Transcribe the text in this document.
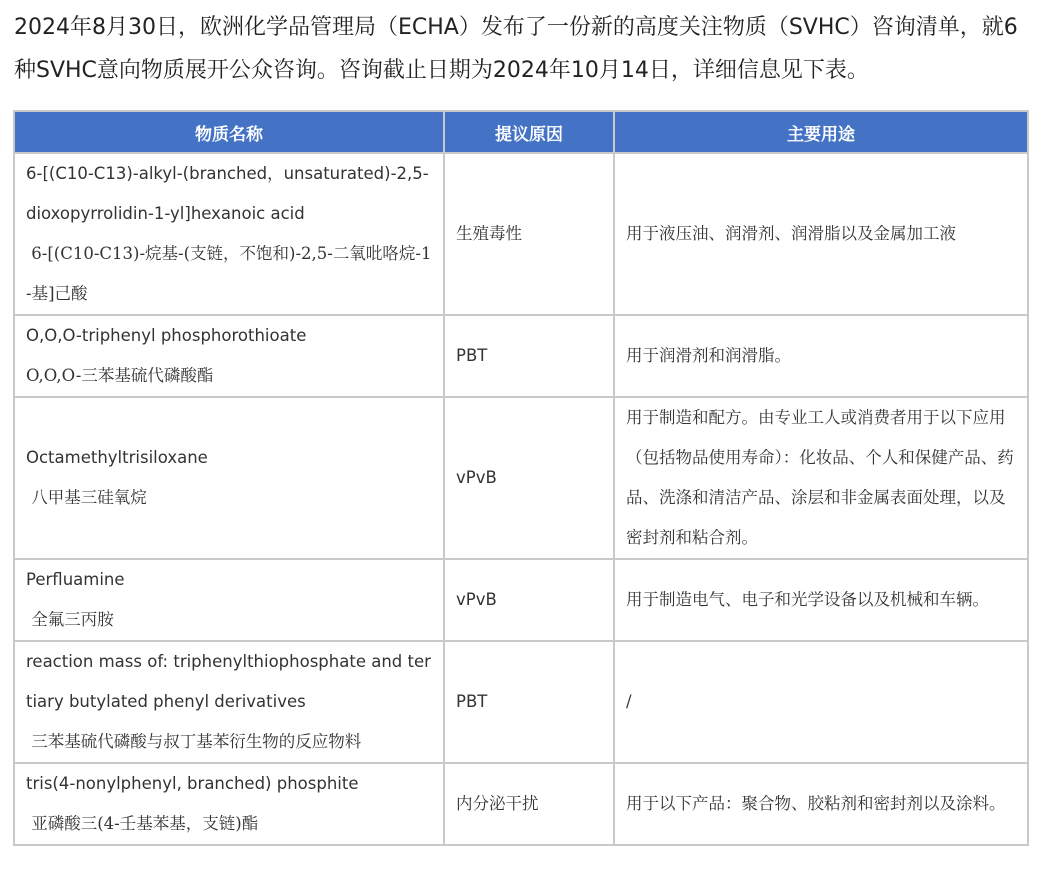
2024年8月30日，欧洲化学品管理局（ECHA）发布了一份新的高度关注物质（SVHC）咨询清单，就6种SVHC意向物质展开公众咨询。咨询截止日期为2024年10月14日，详细信息见下表。

物质名称	提议原因	主要用途

6-[(C10-C13)-alkyl-(branched，unsaturated)-2,5-dioxopyrrolidin-1-yl]hexanoic acid
6-[(C10-C13)-烷基-(支链，不饱和)-2,5-二氧吡咯烷-1-基]己酸	生殖毒性	用于液压油、润滑剂、润滑脂以及金属加工液

O,O,O-triphenyl phosphorothioate
O,O,O-三苯基硫代磷酸酯	PBT	用于润滑剂和润滑脂。

Octamethyltrisiloxane
八甲基三硅氧烷	vPvB	用于制造和配方。由专业工人或消费者用于以下应用（包括物品使用寿命）：化妆品、个人和保健产品、药品、洗涤和清洁产品、涂层和非金属表面处理，以及密封剂和粘合剂。

Perfluamine
全氟三丙胺	vPvB	用于制造电气、电子和光学设备以及机械和车辆。

reaction mass of: triphenylthiophosphate and tertiary butylated phenyl derivatives
三苯基硫代磷酸与叔丁基苯衍生物的反应物料	PBT	/

tris(4-nonylphenyl, branched) phosphite
亚磷酸三(4-壬基苯基，支链)酯	内分泌干扰	用于以下产品：聚合物、胶粘剂和密封剂以及涂料。
